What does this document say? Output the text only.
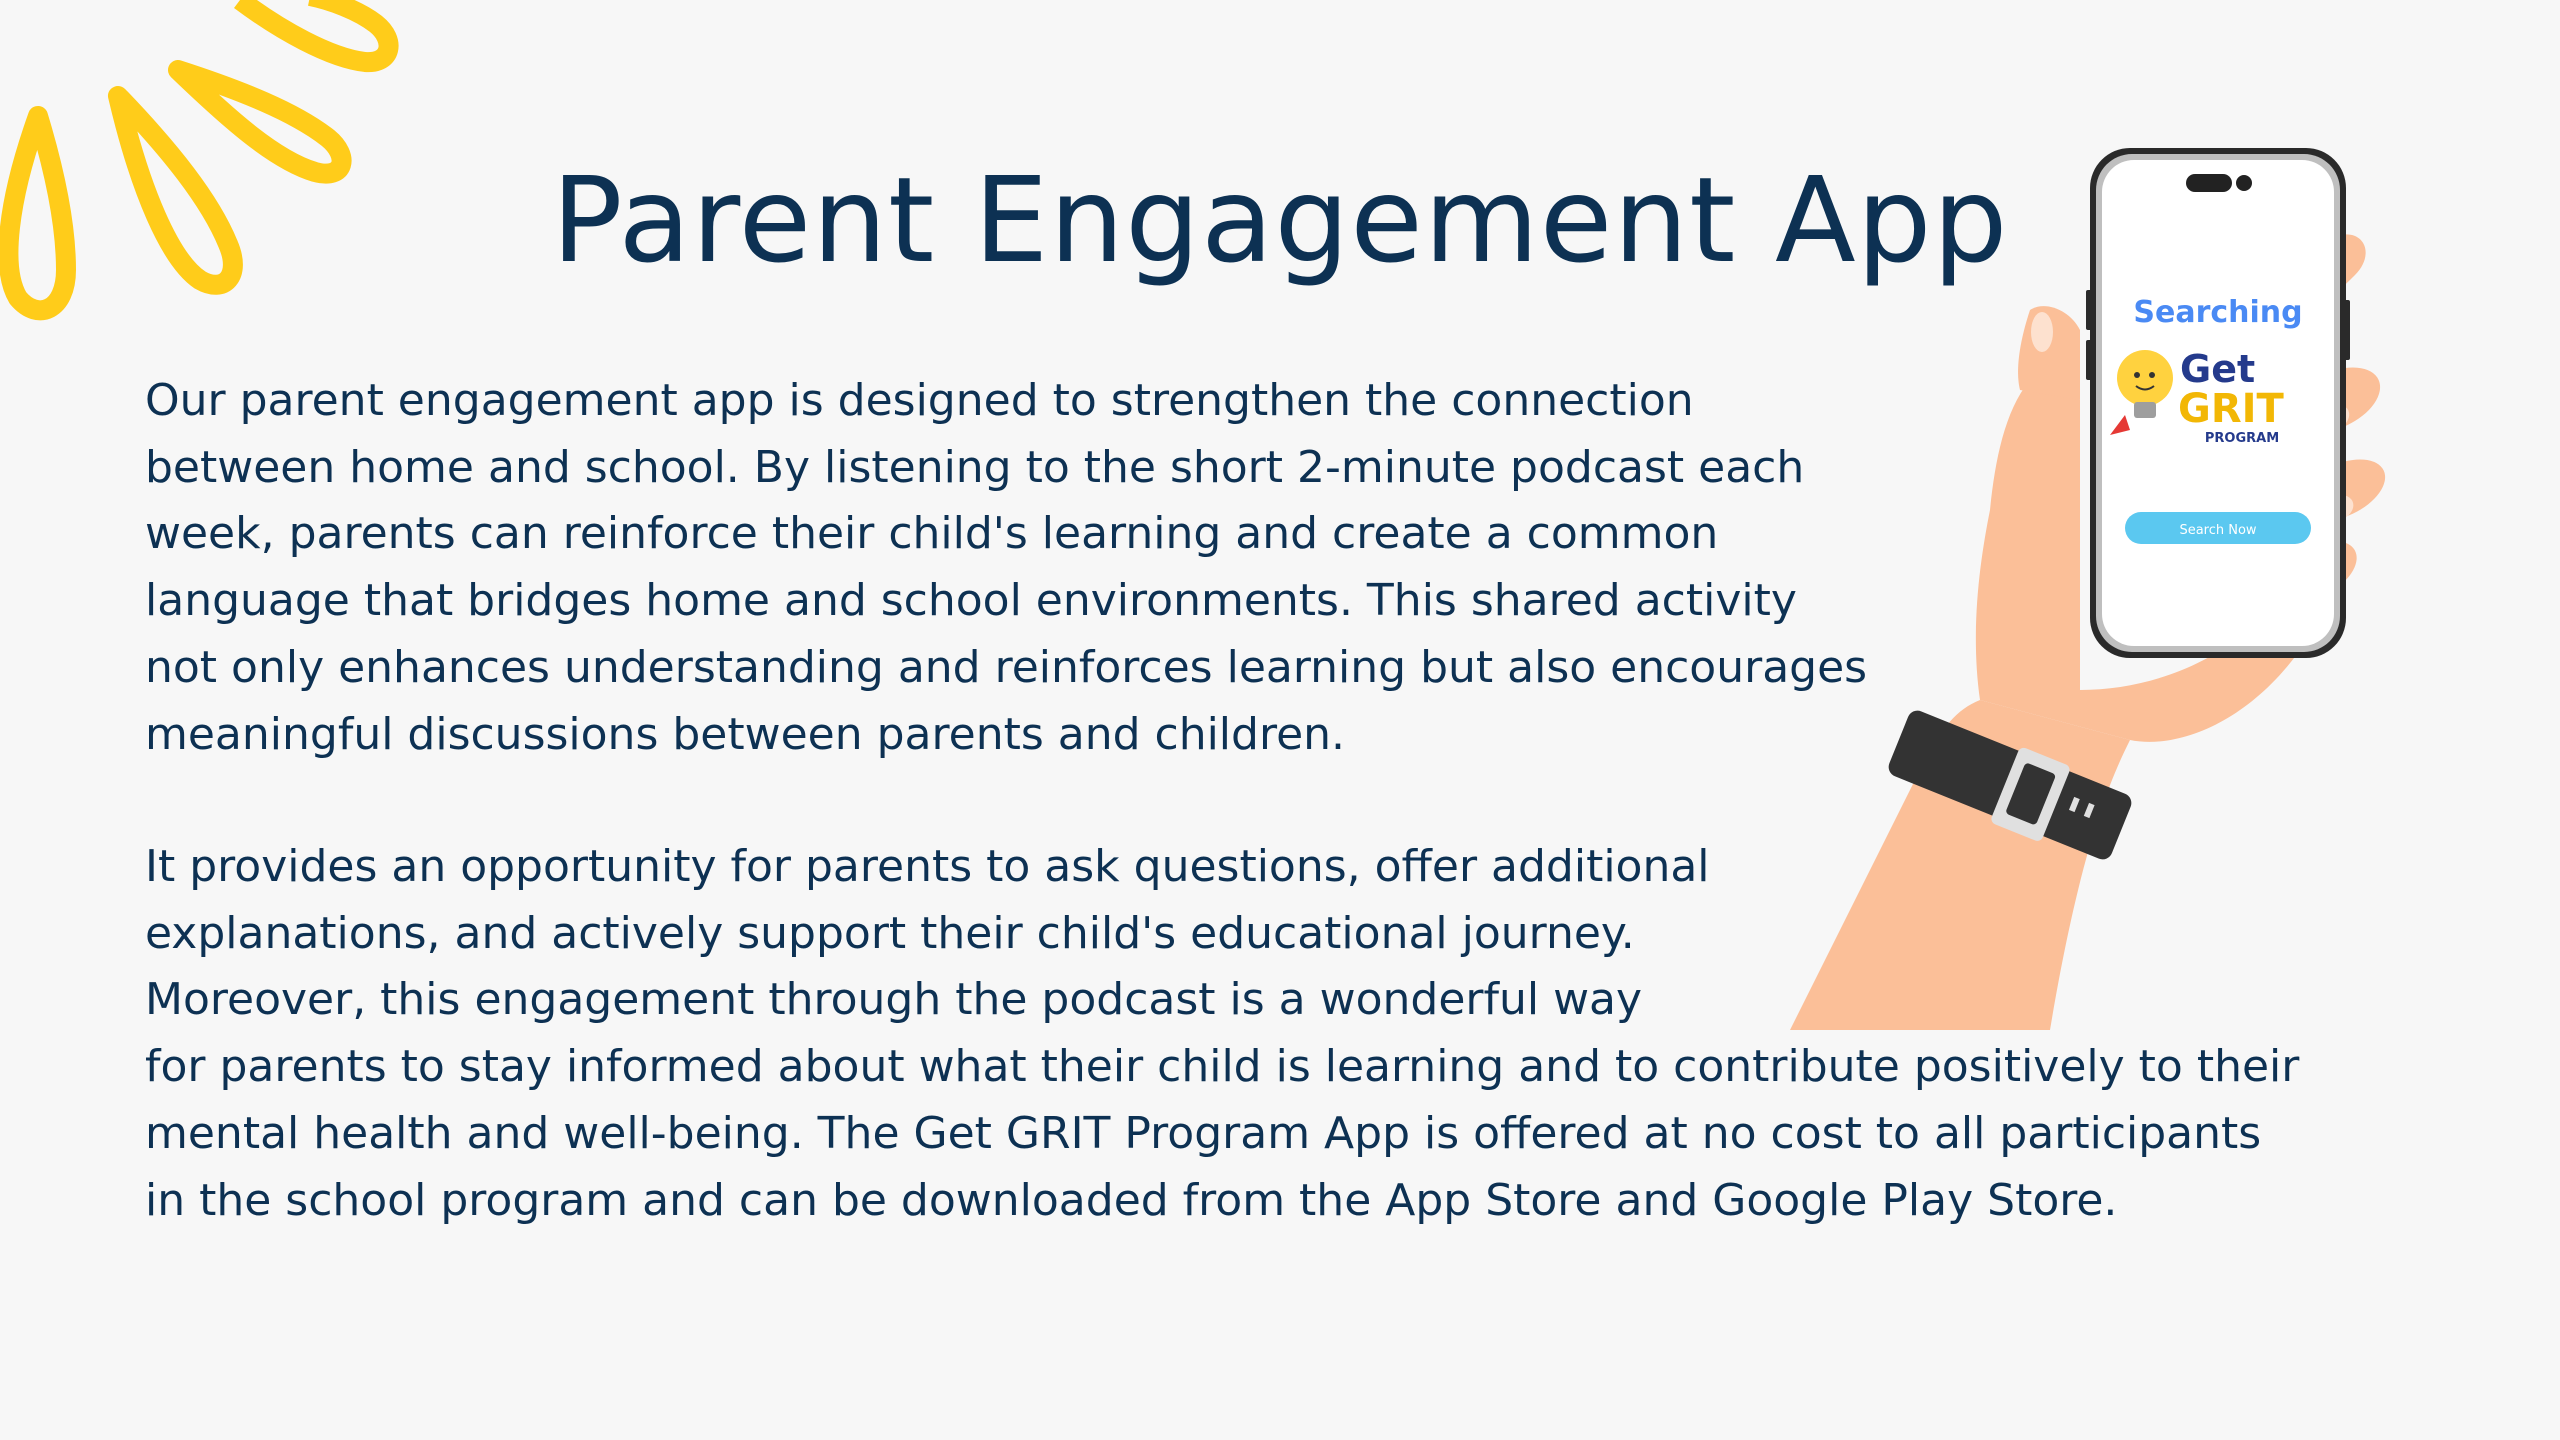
Parent Engagement App

Our parent engagement app is designed to strengthen the connection
between home and school. By listening to the short 2-minute podcast each
week, parents can reinforce their child's learning and create a common
language that bridges home and school environments. This shared activity
not only enhances understanding and reinforces learning but also encourages
meaningful discussions between parents and children.

It provides an opportunity for parents to ask questions, offer additional
explanations, and actively support their child's educational journey.
Moreover, this engagement through the podcast is a wonderful way
for parents to stay informed about what their child is learning and to contribute positively to their
mental health and well-being. The Get GRIT Program App is offered at no cost to all participants
in the school program and can be downloaded from the App Store and Google Play Store.

Searching
Get
GRIT
PROGRAM
Search Now
